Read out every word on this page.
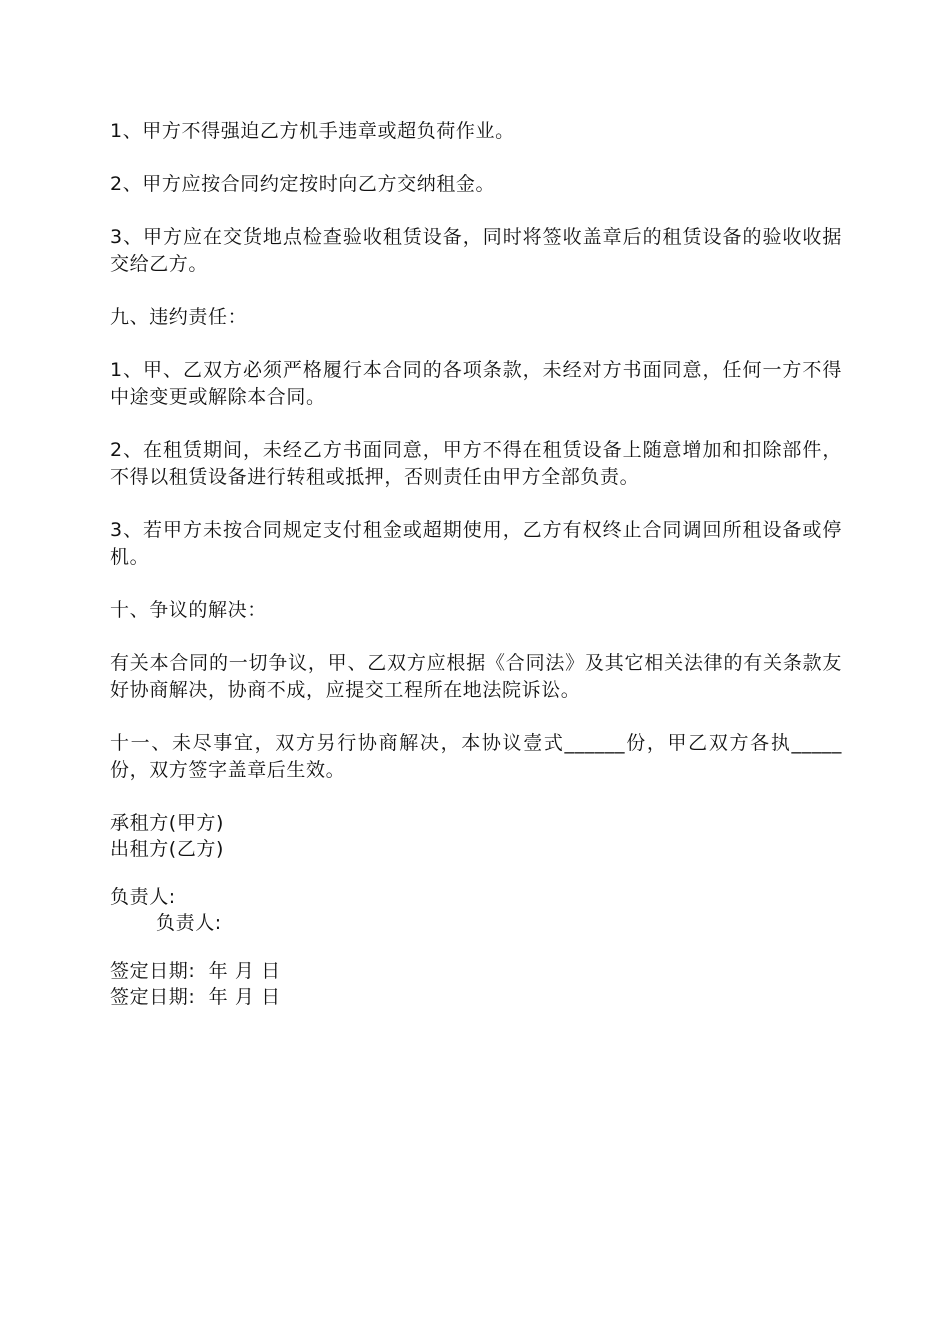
1、甲方不得强迫乙方机手违章或超负荷作业。

2、甲方应按合同约定按时向乙方交纳租金。

3、甲方应在交货地点检查验收租赁设备，同时将签收盖章后的租赁设备的验收收据交给乙方。

九、违约责任：

1、甲、乙双方必须严格履行本合同的各项条款，未经对方书面同意，任何一方不得中途变更或解除本合同。

2、在租赁期间，未经乙方书面同意，甲方不得在租赁设备上随意增加和扣除部件，不得以租赁设备进行转租或抵押，否则责任由甲方全部负责。

3、若甲方未按合同规定支付租金或超期使用，乙方有权终止合同调回所租设备或停机。

十、争议的解决：

有关本合同的一切争议，甲、乙双方应根据《合同法》及其它相关法律的有关条款友好协商解决，协商不成，应提交工程所在地法院诉讼。

十一、未尽事宜，双方另行协商解决，本协议壹式______份，甲乙双方各执_____份，双方签字盖章后生效。

承租方(甲方)

出租方(乙方)

负责人:

负责人:

签定日期:  年 月 日

签定日期:  年 月 日
